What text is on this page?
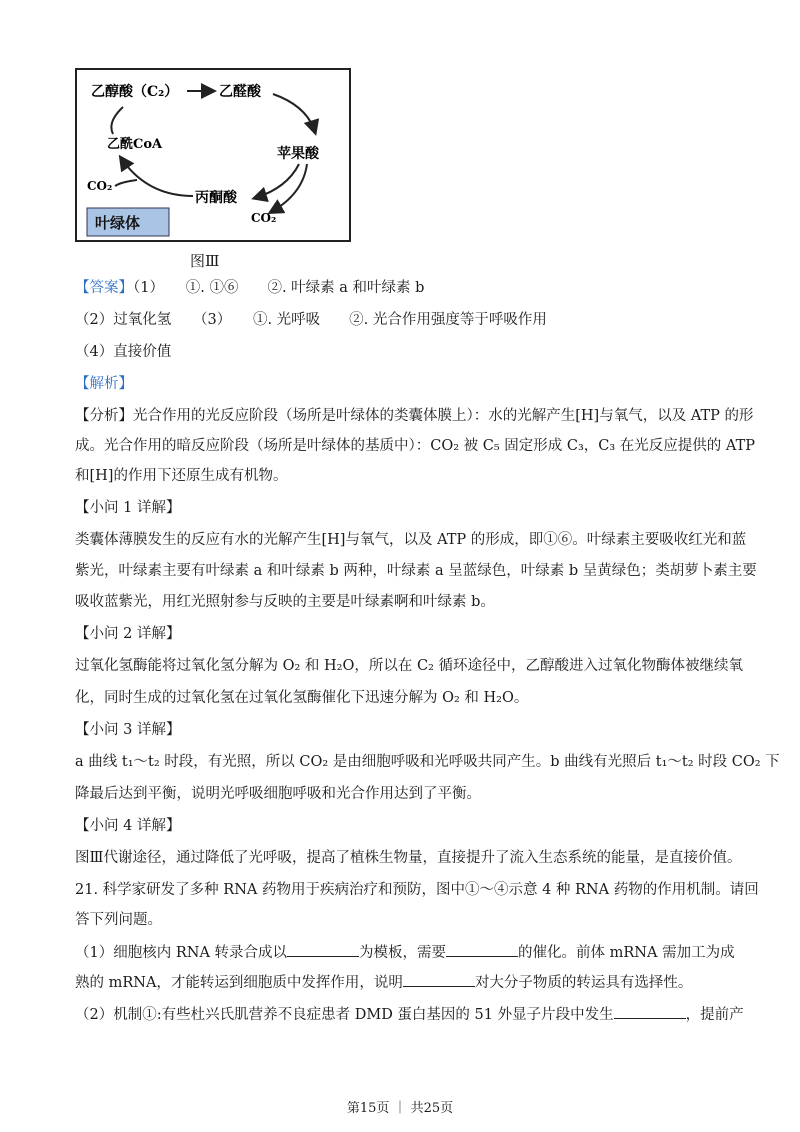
乙醇酸（C₂）	乙醛酸
苹果酸
乙酰CoA
丙酮酸
CO₂
CO₂
叶绿体
图Ⅲ
【答案】（1）　　①. ①⑥　　②. 叶绿素 a 和叶绿素 b
（2）过氧化氢　　（3）　　①. 光呼吸　　②. 光合作用强度等于呼吸作用
（4）直接价值
【解析】
【分析】光合作用的光反应阶段（场所是叶绿体的类囊体膜上）：水的光解产生[H]与氧气，以及 ATP 的形
成。光合作用的暗反应阶段（场所是叶绿体的基质中）：CO₂ 被 C₅ 固定形成 C₃，C₃ 在光反应提供的 ATP
和[H]的作用下还原生成有机物。
【小问 1 详解】
类囊体薄膜发生的反应有水的光解产生[H]与氧气，以及 ATP 的形成，即①⑥。叶绿素主要吸收红光和蓝
紫光，叶绿素主要有叶绿素 a 和叶绿素 b 两种，叶绿素 a 呈蓝绿色，叶绿素 b 呈黄绿色；类胡萝卜素主要
吸收蓝紫光，用红光照射参与反映的主要是叶绿素啊和叶绿素 b。
【小问 2 详解】
过氧化氢酶能将过氧化氢分解为 O₂ 和 H₂O，所以在 C₂ 循环途径中，乙醇酸进入过氧化物酶体被继续氧
化，同时生成的过氧化氢在过氧化氢酶催化下迅速分解为 O₂ 和 H₂O。
【小问 3 详解】
a 曲线 t₁～t₂ 时段，有光照，所以 CO₂ 是由细胞呼吸和光呼吸共同产生。b 曲线有光照后 t₁～t₂ 时段 CO₂ 下
降最后达到平衡，说明光呼吸细胞呼吸和光合作用达到了平衡。
【小问 4 详解】
图Ⅲ代谢途径，通过降低了光呼吸，提高了植株生物量，直接提升了流入生态系统的能量，是直接价值。
21. 科学家研发了多种 RNA 药物用于疾病治疗和预防，图中①～④示意 4 种 RNA 药物的作用机制。请回
答下列问题。
（1）细胞核内 RNA 转录合成以	为模板，需要	的催化。前体 mRNA 需加工为成
熟的 mRNA，才能转运到细胞质中发挥作用，说明	对大分子物质的转运具有选择性。
（2）机制①:有些杜兴氏肌营养不良症患者 DMD 蛋白基因的 51 外显子片段中发生	，提前产
第15页 ｜ 共25页
